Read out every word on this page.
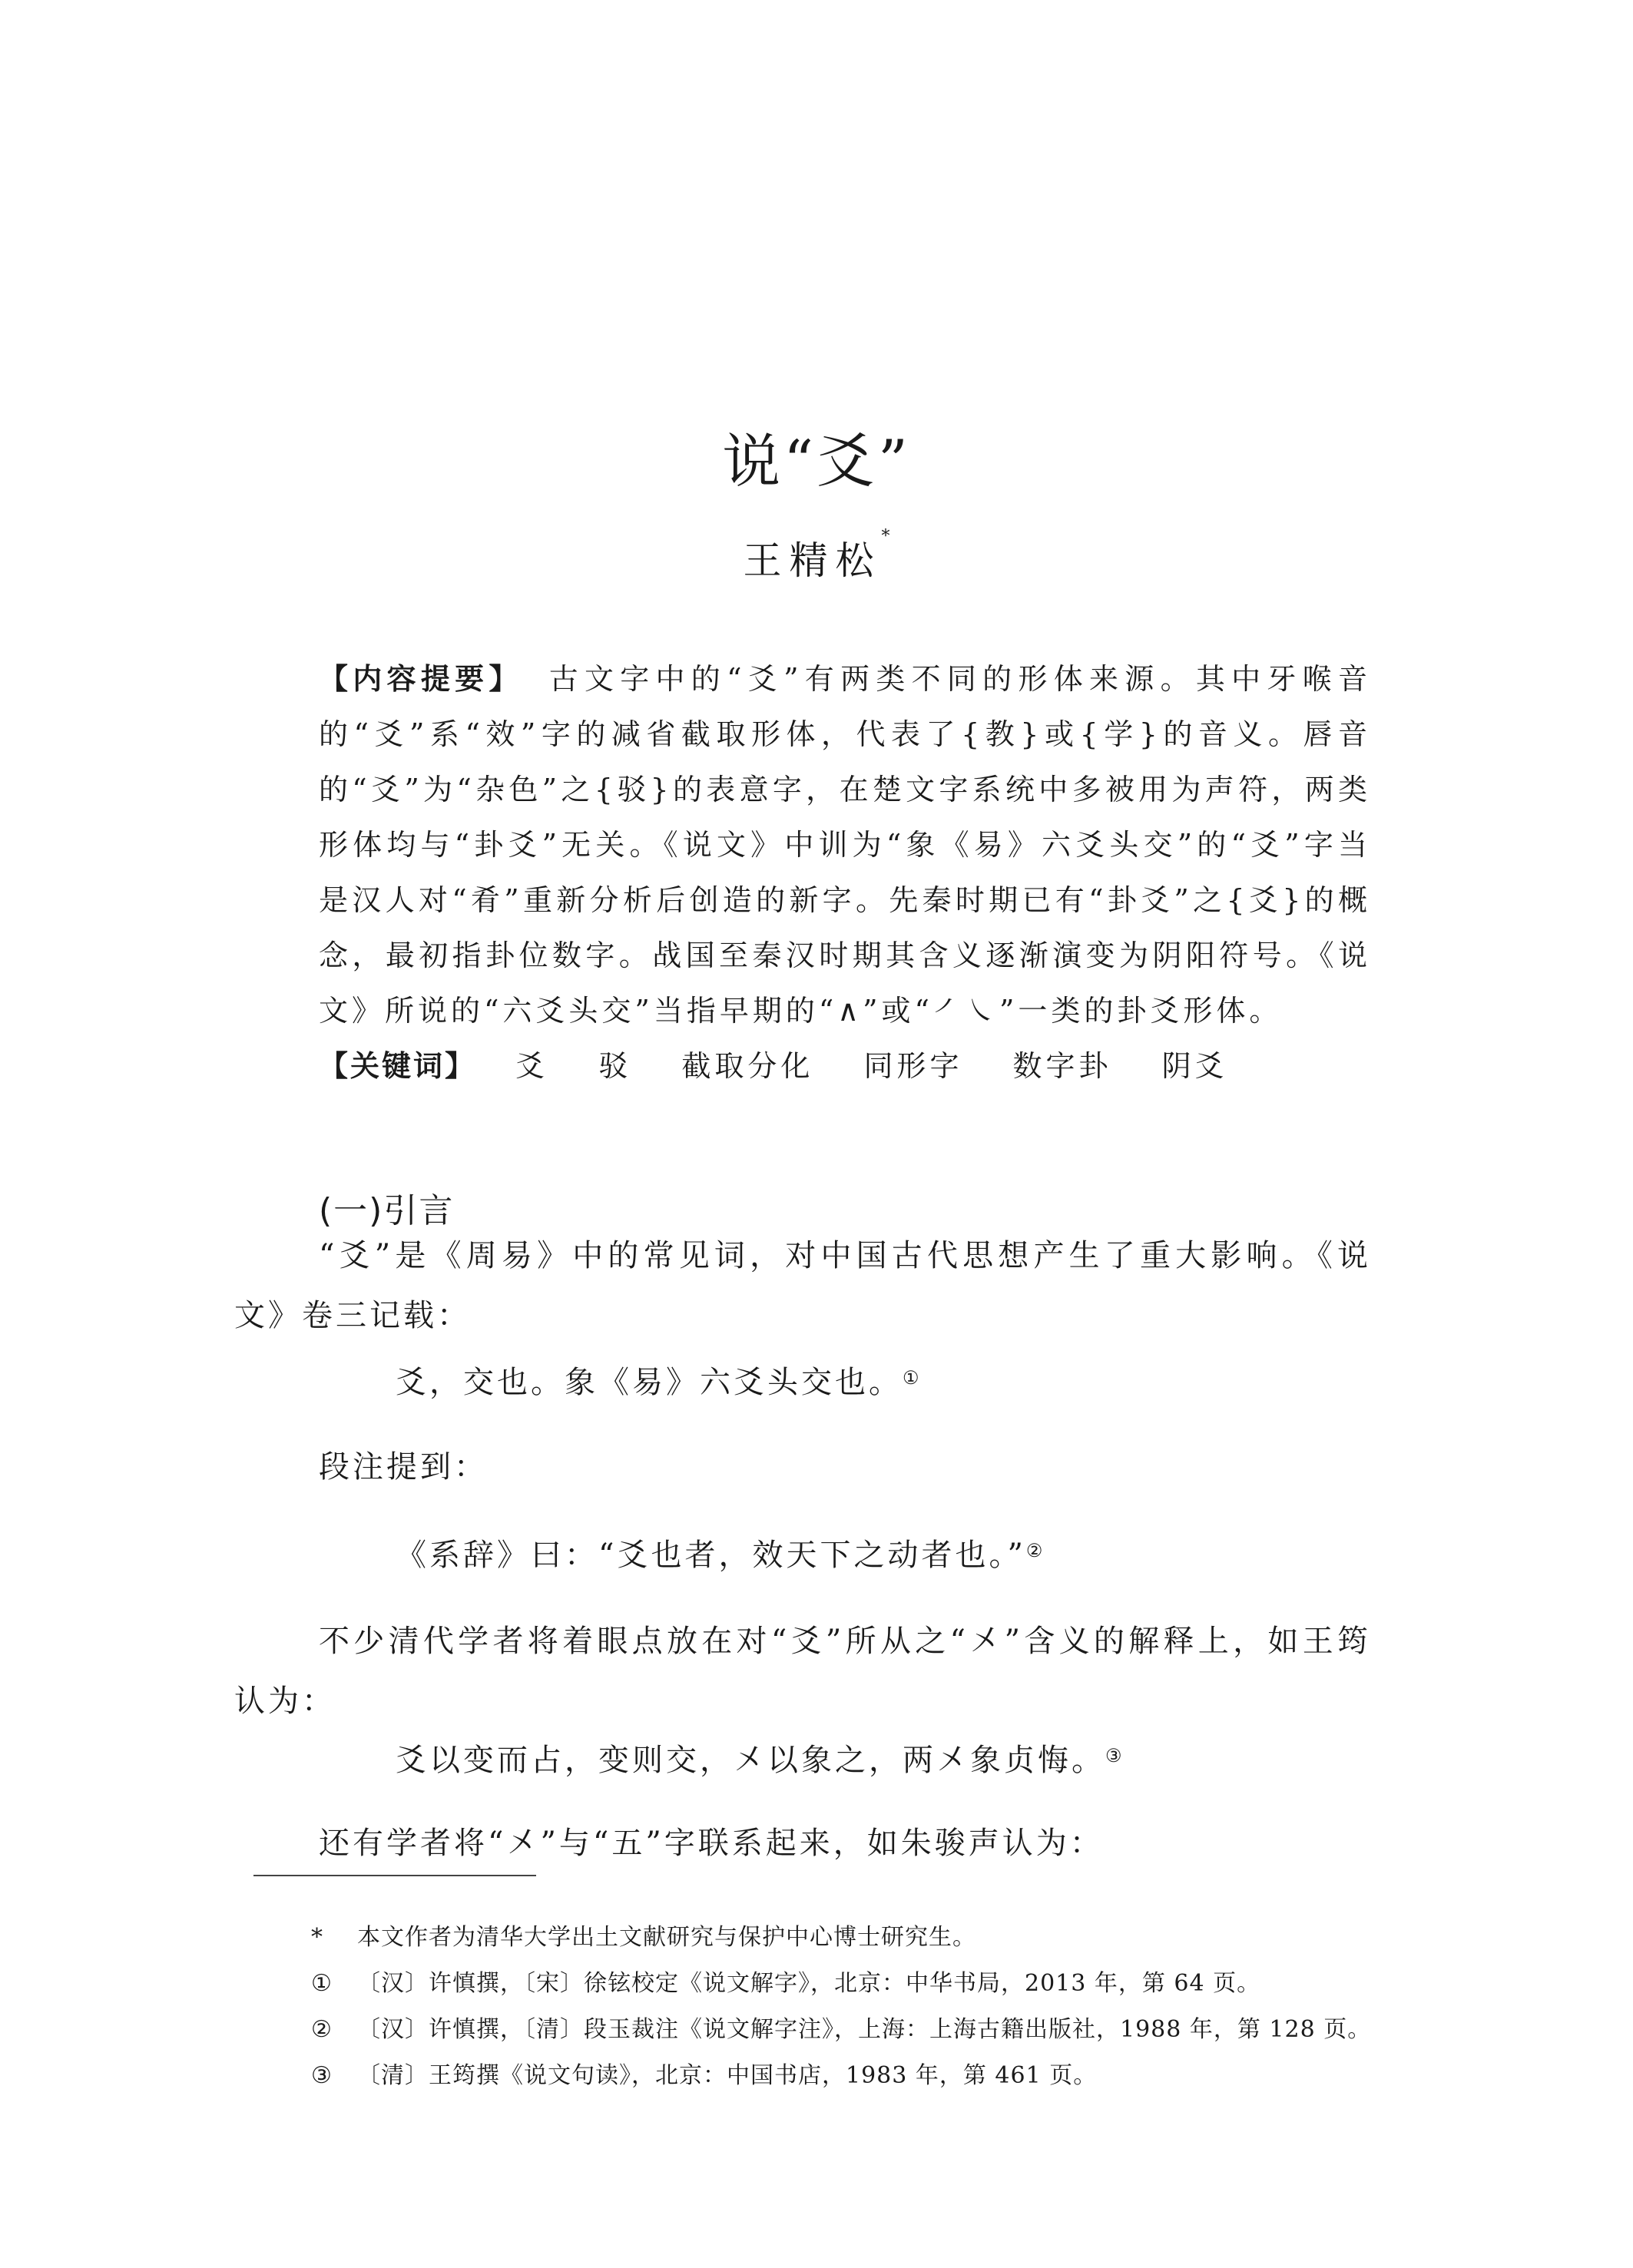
说“爻”
王精松*

【内容提要】 古文字中的“爻”有两类不同的形体来源。其中牙喉音的“爻”系“效”字的减省截取形体，代表了{教}或{学}的音义。唇音的“爻”为“杂色”之{驳}的表意字，在楚文字系统中多被用为声符，两类形体均与“卦爻”无关。《说文》中训为“象《易》六爻头交”的“爻”字当是汉人对“肴”重新分析后创造的新字。先秦时期已有“卦爻”之{爻}的概念，最初指卦位数字。战国至秦汉时期其含义逐渐演变为阴阳符号。《说文》所说的“六爻头交”当指早期的“∧”或“㇒㇏”一类的卦爻形体。

【关键词】 爻 驳 截取分化 同形字 数字卦 阴爻

(一)引言
“爻”是《周易》中的常见词，对中国古代思想产生了重大影响。《说文》卷三记载：
爻，交也。象《易》六爻头交也。①
段注提到：
《系辞》曰：“爻也者，效天下之动者也。”②
不少清代学者将着眼点放在对“爻”所从之“㐅”含义的解释上，如王筠认为：
爻以变而占，变则交，㐅以象之，两㐅象贞悔。③
还有学者将“㐅”与“五”字联系起来，如朱骏声认为：
* 本文作者为清华大学出土文献研究与保护中心博士研究生。
① 〔汉〕许慎撰，〔宋〕徐铉校定《说文解字》，北京：中华书局，2013 年，第 64 页。
② 〔汉〕许慎撰，〔清〕段玉裁注《说文解字注》，上海：上海古籍出版社，1988 年，第 128 页。
③ 〔清〕王筠撰《说文句读》，北京：中国书店，1983 年，第 461 页。
